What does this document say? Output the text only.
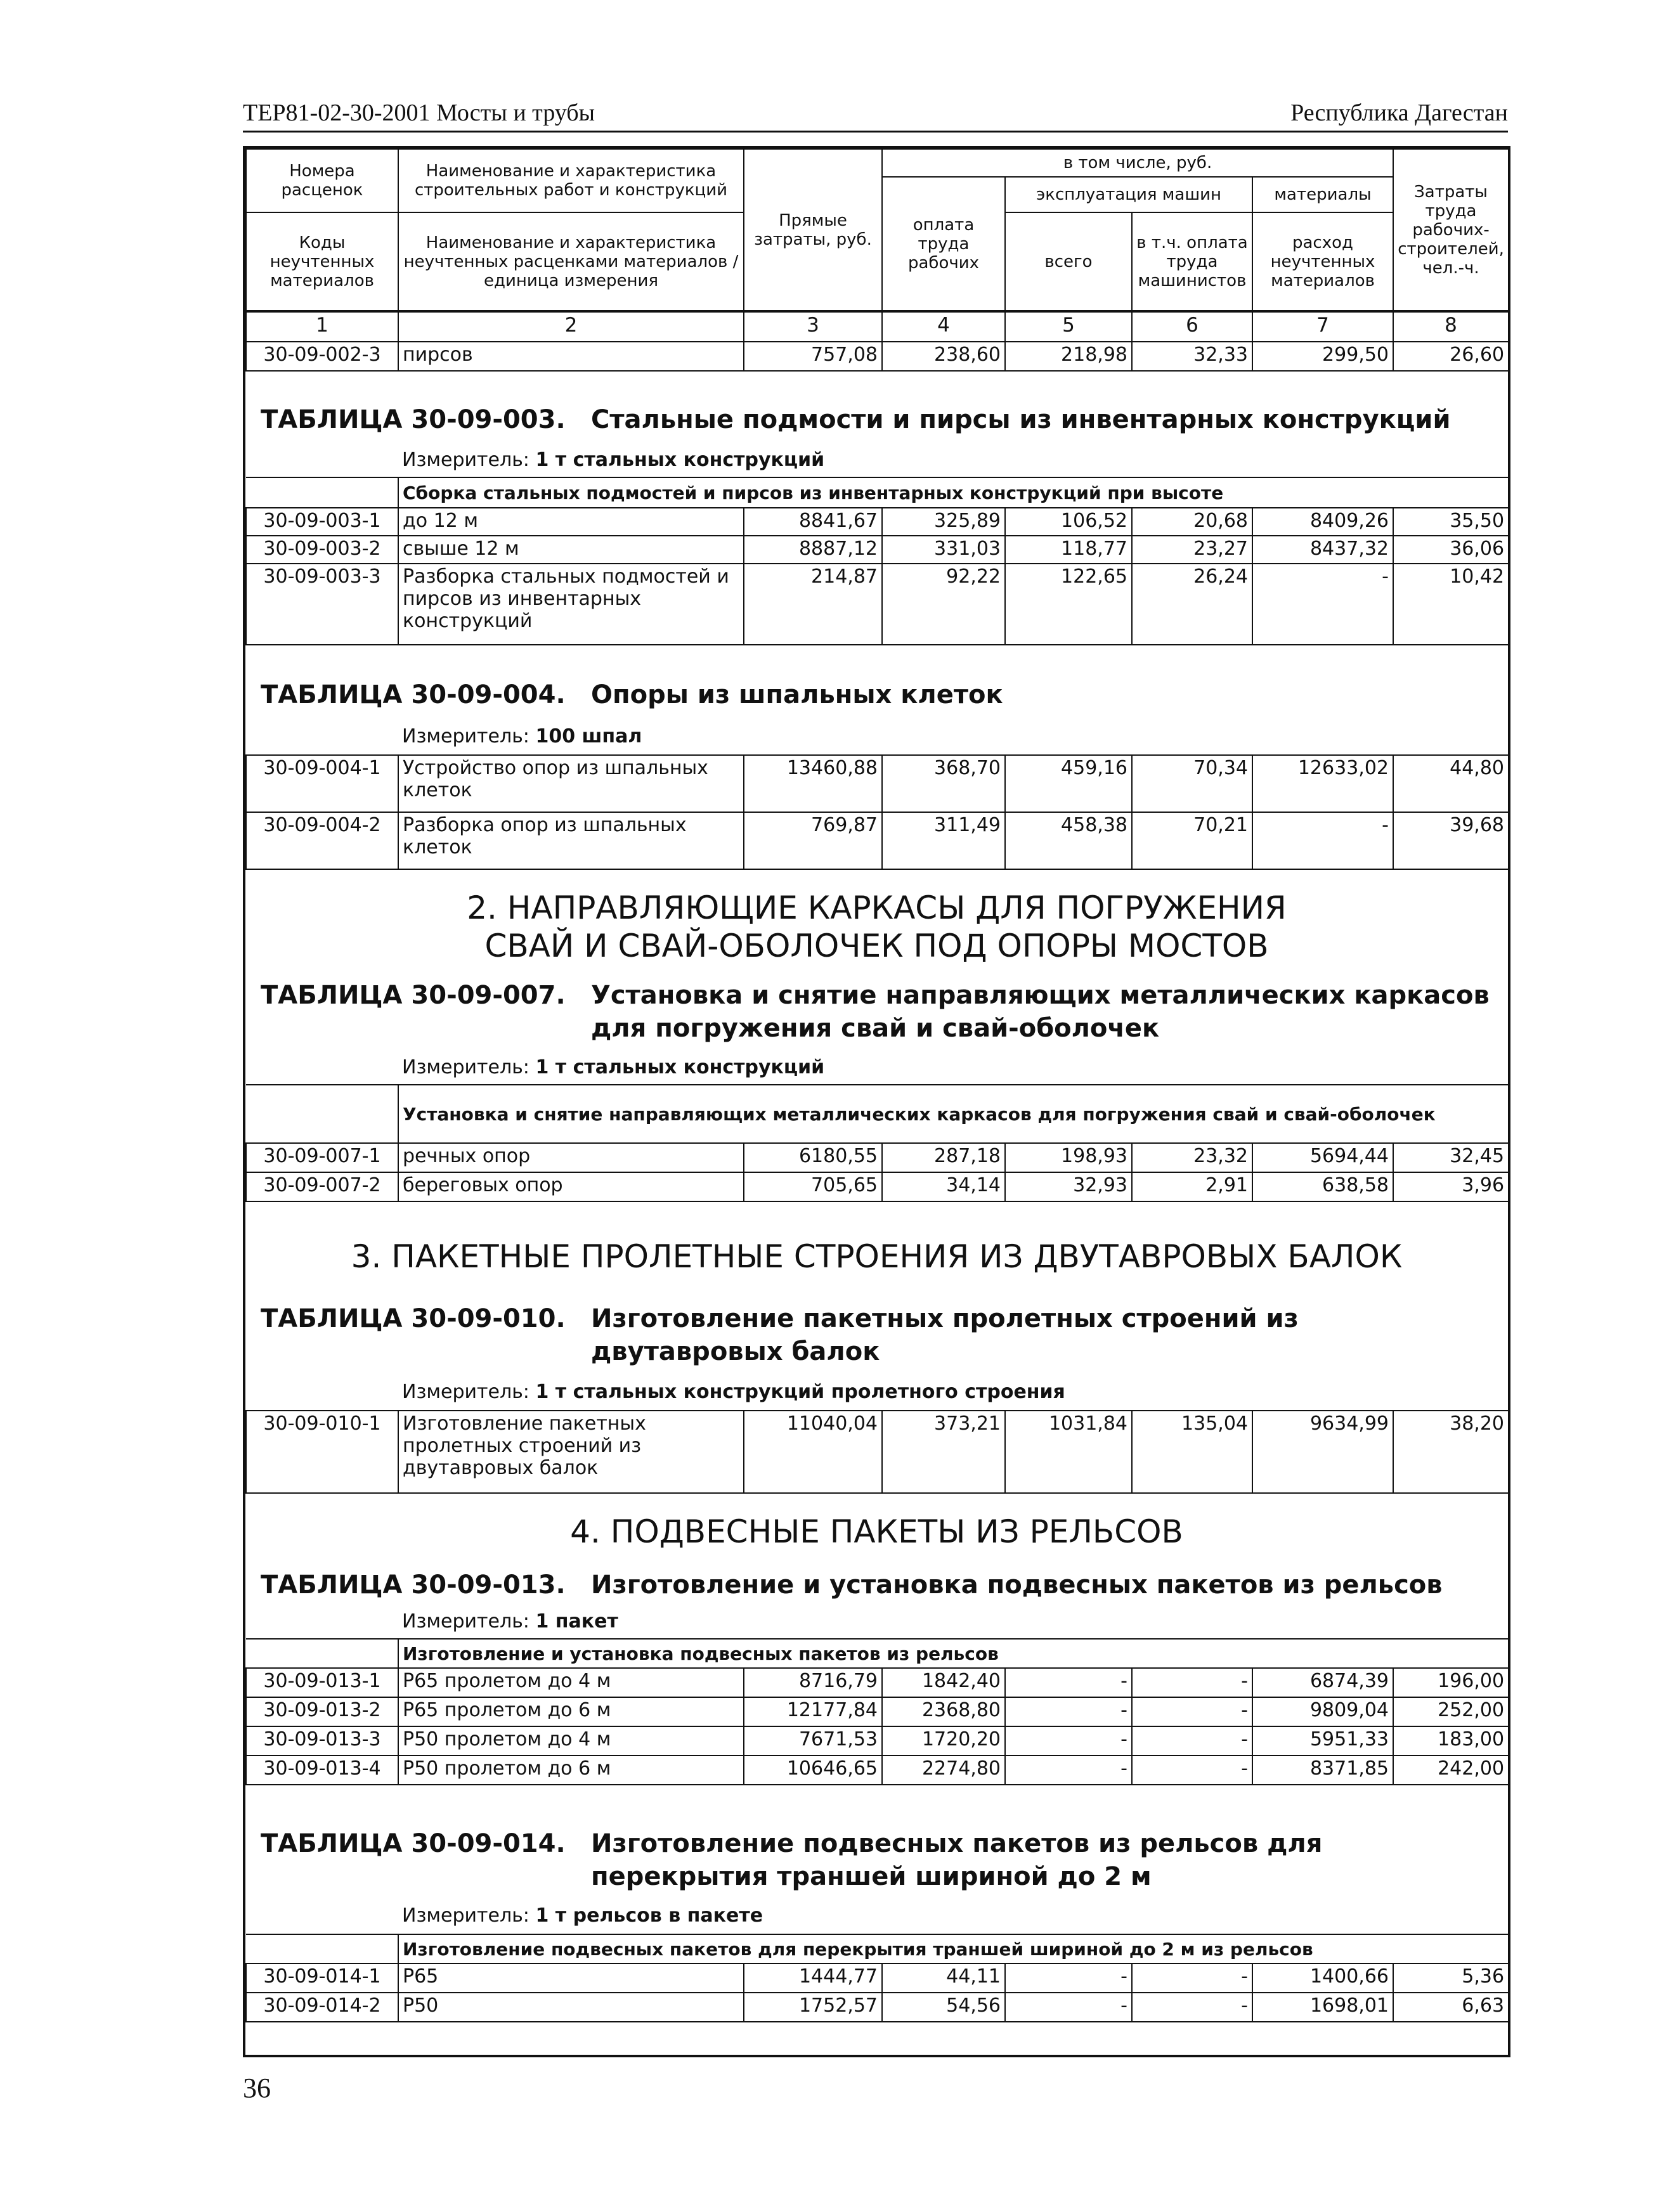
ТЕР81-02-30-2001 Мосты и трубы	Республика Дагестан
Номера расценок	Наименование и характеристика строительных работ и конструкций	Прямые затраты, руб.	в том числе, руб.				Затраты труда рабочих-строителей, чел.-ч.
			оплата труда рабочих	эксплуатация машин		материалы	
Коды неучтенных материалов	Наименование и характеристика неучтенных расценками материалов / единица измерения			всего	в т.ч. оплата труда машинистов	расход неучтенных материалов	

1	2	3	4	5	6	7	8
30-09-002-3	пирсов	757,08	238,60	218,98	32,33	299,50	26,60
ТАБЛИЦА 30-09-003. Стальные подмости и пирсы из инвентарных конструкций
Измеритель: 1 т стальных конструкций
	Сборка стальных подмостей и пирсов из инвентарных конструкций при высоте						
30-09-003-1	до 12 м	8841,67	325,89	106,52	20,68	8409,26	35,50
30-09-003-2	свыше 12 м	8887,12	331,03	118,77	23,27	8437,32	36,06
30-09-003-3	Разборка стальных подмостей и пирсов из инвентарных конструкций	214,87	92,22	122,65	26,24	-	10,42
ТАБЛИЦА 30-09-004. Опоры из шпальных клеток
Измеритель: 100 шпал
30-09-004-1	Устройство опор из шпальных клеток	13460,88	368,70	459,16	70,34	12633,02	44,80
30-09-004-2	Разборка опор из шпальных клеток	769,87	311,49	458,38	70,21	-	39,68
2. НАПРАВЛЯЮЩИЕ КАРКАСЫ ДЛЯ ПОГРУЖЕНИЯ СВАЙ И СВАЙ-ОБОЛОЧЕК ПОД ОПОРЫ МОСТОВ
ТАБЛИЦА 30-09-007. Установка и снятие направляющих металлических каркасов для погружения свай и свай-оболочек
Измеритель: 1 т стальных конструкций
	Установка и снятие направляющих металлических каркасов для погружения свай и свай-оболочек						
30-09-007-1	речных опор	6180,55	287,18	198,93	23,32	5694,44	32,45
30-09-007-2	береговых опор	705,65	34,14	32,93	2,91	638,58	3,96
3. ПАКЕТНЫЕ ПРОЛЕТНЫЕ СТРОЕНИЯ ИЗ ДВУТАВРОВЫХ БАЛОК
ТАБЛИЦА 30-09-010. Изготовление пакетных пролетных строений из двутавровых балок
Измеритель: 1 т стальных конструкций пролетного строения
30-09-010-1	Изготовление пакетных пролетных строений из двутавровых балок	11040,04	373,21	1031,84	135,04	9634,99	38,20
4. ПОДВЕСНЫЕ ПАКЕТЫ ИЗ РЕЛЬСОВ
ТАБЛИЦА 30-09-013. Изготовление и установка подвесных пакетов из рельсов
Измеритель: 1 пакет
	Изготовление и установка подвесных пакетов из рельсов						
30-09-013-1	Р65 пролетом до 4 м	8716,79	1842,40	-	-	6874,39	196,00
30-09-013-2	Р65 пролетом до 6 м	12177,84	2368,80	-	-	9809,04	252,00
30-09-013-3	Р50 пролетом до 4 м	7671,53	1720,20	-	-	5951,33	183,00
30-09-013-4	Р50 пролетом до 6 м	10646,65	2274,80	-	-	8371,85	242,00
ТАБЛИЦА 30-09-014. Изготовление подвесных пакетов из рельсов для перекрытия траншей шириной до 2 м
Измеритель: 1 т рельсов в пакете
	Изготовление подвесных пакетов для перекрытия траншей шириной до 2 м из рельсов						
30-09-014-1	Р65	1444,77	44,11	-	-	1400,66	5,36
30-09-014-2	Р50	1752,57	54,56	-	-	1698,01	6,63
36
